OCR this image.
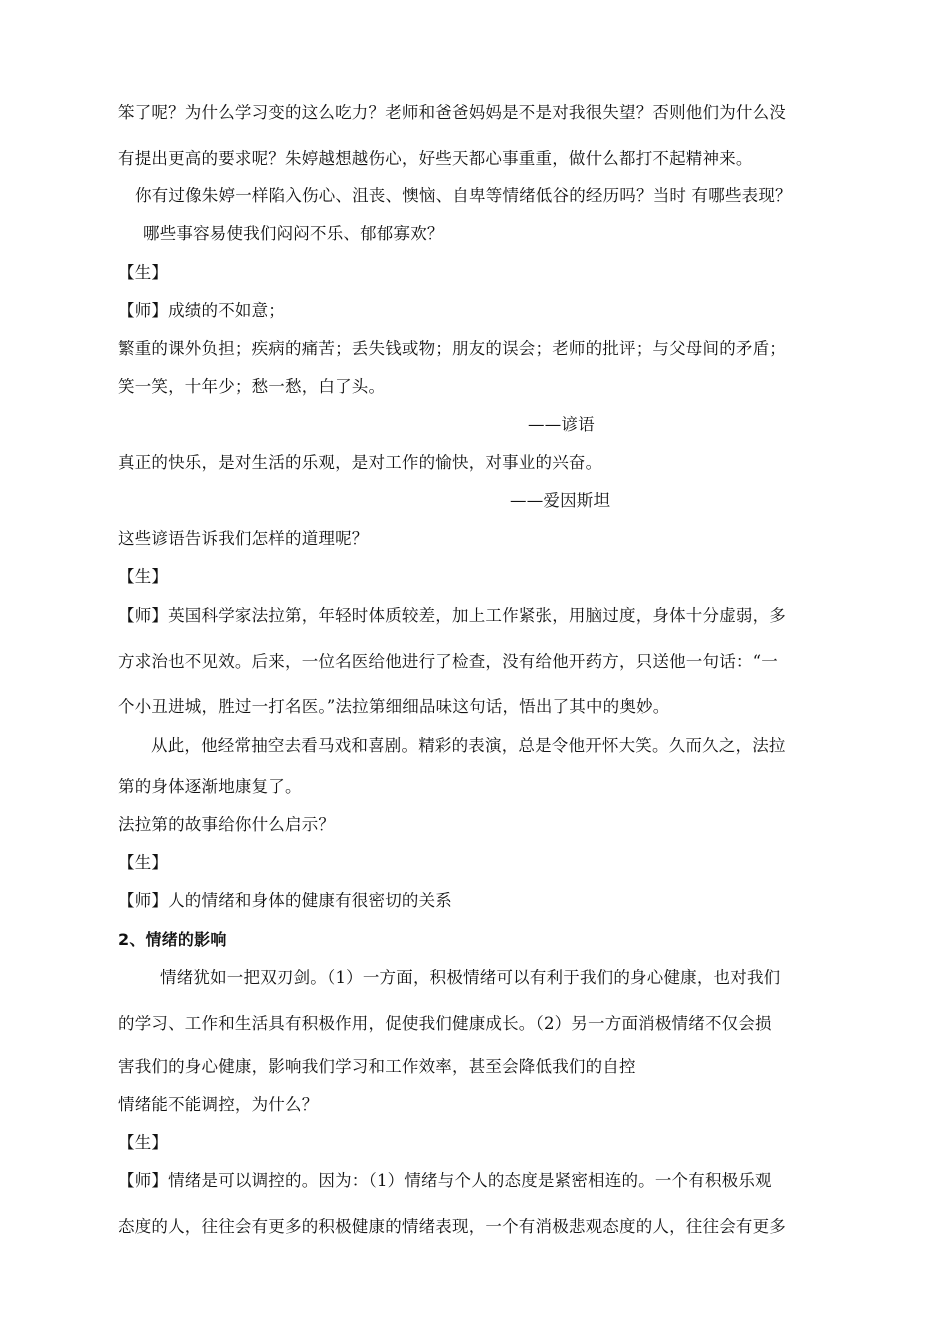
笨了呢？为什么学习变的这么吃力？老师和爸爸妈妈是不是对我很失望？否则他们为什么没
有提出更高的要求呢？朱婷越想越伤心，好些天都心事重重，做什么都打不起精神来。
你有过像朱婷一样陷入伤心、沮丧、懊恼、自卑等情绪低谷的经历吗？当时 有哪些表现？
哪些事容易使我们闷闷不乐、郁郁寡欢？
【生】
【师】成绩的不如意；
繁重的课外负担；疾病的痛苦；丢失钱或物；朋友的误会；老师的批评；与父母间的矛盾；
笑一笑，十年少；愁一愁，白了头。
——谚语
真正的快乐，是对生活的乐观，是对工作的愉快，对事业的兴奋。
——爱因斯坦
这些谚语告诉我们怎样的道理呢？
【生】
【师】英国科学家法拉第，年轻时体质较差，加上工作紧张，用脑过度，身体十分虚弱，多
方求治也不见效。后来，一位名医给他进行了检查，没有给他开药方，只送他一句话：“一
个小丑进城，胜过一打名医。”法拉第细细品味这句话，悟出了其中的奥妙。
从此，他经常抽空去看马戏和喜剧。精彩的表演，总是令他开怀大笑。久而久之，法拉
第的身体逐渐地康复了。
法拉第的故事给你什么启示？
【生】
【师】人的情绪和身体的健康有很密切的关系
2、情绪的影响
情绪犹如一把双刃剑。（1）一方面，积极情绪可以有利于我们的身心健康，也对我们
的学习、工作和生活具有积极作用，促使我们健康成长。（2）另一方面消极情绪不仅会损
害我们的身心健康，影响我们学习和工作效率，甚至会降低我们的自控
情绪能不能调控，为什么？
【生】
【师】情绪是可以调控的。因为：（1）情绪与个人的态度是紧密相连的。一个有积极乐观
态度的人，往往会有更多的积极健康的情绪表现，一个有消极悲观态度的人，往往会有更多
